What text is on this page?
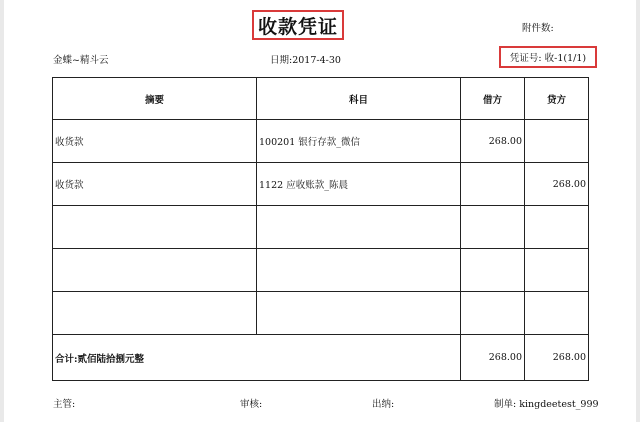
收款凭证	附件数:
金蝶~精斗云	日期:2017-4-30	凭证号:
收-1(1/1)
摘要	科目	借方	贷方
收货款	100201 银行存款_微信	268.00	
收货款	1122 应收账款_陈晨		268.00

合计:贰佰陆拾捌元整		268.00	268.00
主管:	审核:	出纳:	制单: kingdeetest_999
